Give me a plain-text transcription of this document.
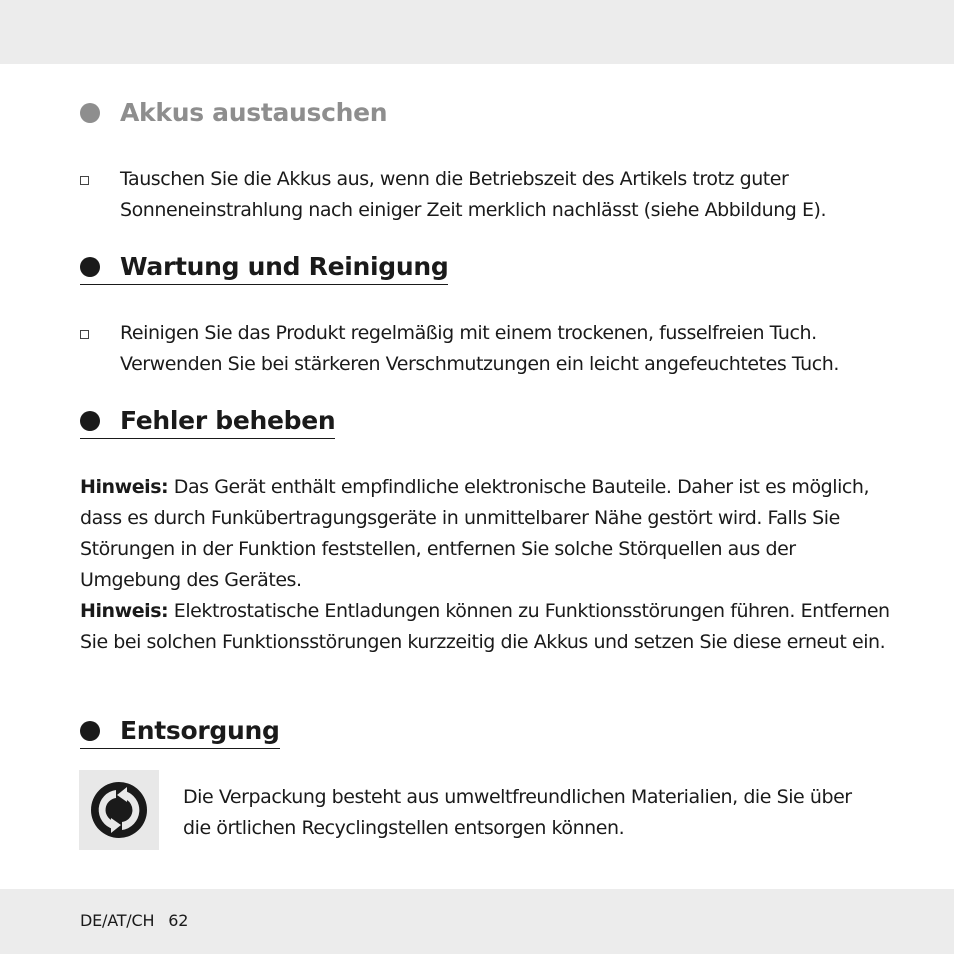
Akkus austauschen
Tauschen Sie die Akkus aus, wenn die Betriebszeit des Artikels trotz guter Sonneneinstrahlung nach einiger Zeit merklich nachlässt (siehe Abbildung E).
Wartung und Reinigung
Reinigen Sie das Produkt regelmäßig mit einem trockenen, fusselfreien Tuch. Verwenden Sie bei stärkeren Verschmutzungen ein leicht angefeuchtetes Tuch.
Fehler beheben
Hinweis: Das Gerät enthält empfindliche elektronische Bauteile. Daher ist es möglich, dass es durch Funkübertragungsgeräte in unmittelbarer Nähe gestört wird. Falls Sie Störungen in der Funktion feststellen, entfernen Sie solche Störquellen aus der Umgebung des Gerätes.
Hinweis: Elektrostatische Entladungen können zu Funktionsstörungen führen. Entfernen Sie bei solchen Funktionsstörungen kurzzeitig die Akkus und setzen Sie diese erneut ein.
Entsorgung
Die Verpackung besteht aus umweltfreundlichen Materialien, die Sie über die örtlichen Recyclingstellen entsorgen können.
DE/AT/CH 62
